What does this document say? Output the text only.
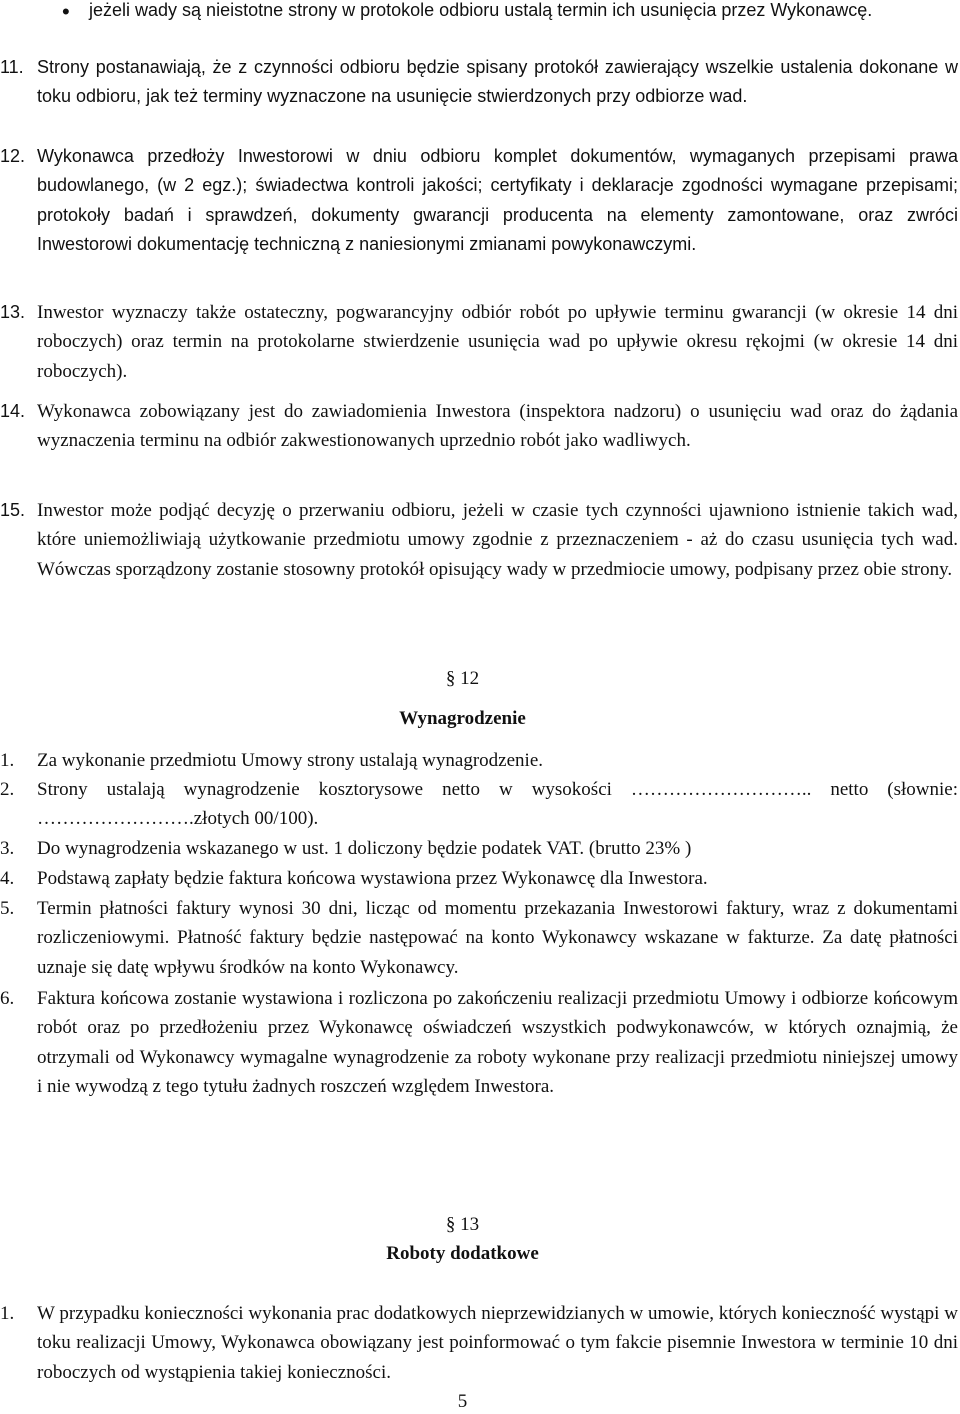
• jeżeli wady są nieistotne strony w protokole odbioru ustalą termin ich usunięcia przez Wykonawcę.
11. Strony postanawiają, że z czynności odbioru będzie spisany protokół zawierający wszelkie ustalenia dokonane w toku odbioru, jak też terminy wyznaczone na usunięcie stwierdzonych przy odbiorze wad.
12. Wykonawca przedłoży Inwestorowi w dniu odbioru komplet dokumentów, wymaganych przepisami prawa budowlanego, (w 2 egz.); świadectwa kontroli jakości; certyfikaty i deklaracje zgodności wymagane przepisami; protokoły badań i sprawdzeń, dokumenty gwarancji producenta na elementy zamontowane, oraz zwróci Inwestorowi dokumentację techniczną z naniesionymi zmianami powykonawczymi.
13. Inwestor wyznaczy także ostateczny, pogwarancyjny odbiór robót po upływie terminu gwarancji (w okresie 14 dni roboczych) oraz termin na protokolarne stwierdzenie usunięcia wad po upływie okresu rękojmi (w okresie 14 dni roboczych).
14. Wykonawca zobowiązany jest do zawiadomienia Inwestora (inspektora nadzoru) o usunięciu wad oraz do żądania wyznaczenia terminu na odbiór zakwestionowanych uprzednio robót jako wadliwych.
15. Inwestor może podjąć decyzję o przerwaniu odbioru, jeżeli w czasie tych czynności ujawniono istnienie takich wad, które uniemożliwiają użytkowanie przedmiotu umowy zgodnie z przeznaczeniem - aż do czasu usunięcia tych wad. Wówczas sporządzony zostanie stosowny protokół opisujący wady w przedmiocie umowy, podpisany przez obie strony.
§ 12
Wynagrodzenie
1.	Za wykonanie przedmiotu Umowy strony ustalają wynagrodzenie.
2.	Strony ustalają wynagrodzenie kosztorysowe netto w wysokości ……………………….. netto (słownie: …………………….złotych 00/100).
3.	Do wynagrodzenia wskazanego w ust. 1 doliczony będzie podatek VAT. (brutto 23% )
4.	Podstawą zapłaty będzie faktura końcowa wystawiona przez Wykonawcę dla Inwestora.
5.	Termin płatności faktury wynosi 30 dni, licząc od momentu przekazania Inwestorowi faktury, wraz z dokumentami rozliczeniowymi. Płatność faktury będzie następować na konto Wykonawcy wskazane w fakturze. Za datę płatności uznaje się datę wpływu środków na konto Wykonawcy.
6.	Faktura końcowa zostanie wystawiona i rozliczona po zakończeniu realizacji przedmiotu Umowy i odbiorze końcowym robót oraz po przedłożeniu przez Wykonawcę oświadczeń wszystkich podwykonawców, w których oznajmią, że otrzymali od Wykonawcy wymagalne wynagrodzenie za roboty wykonane przy realizacji przedmiotu niniejszej umowy i nie wywodzą z tego tytułu żadnych roszczeń względem Inwestora.
§ 13
Roboty dodatkowe
1.	W przypadku konieczności wykonania prac dodatkowych nieprzewidzianych w umowie, których konieczność wystąpi w toku realizacji Umowy, Wykonawca obowiązany jest poinformować o tym fakcie pisemnie Inwestora w terminie 10 dni roboczych od wystąpienia takiej konieczności.
5
